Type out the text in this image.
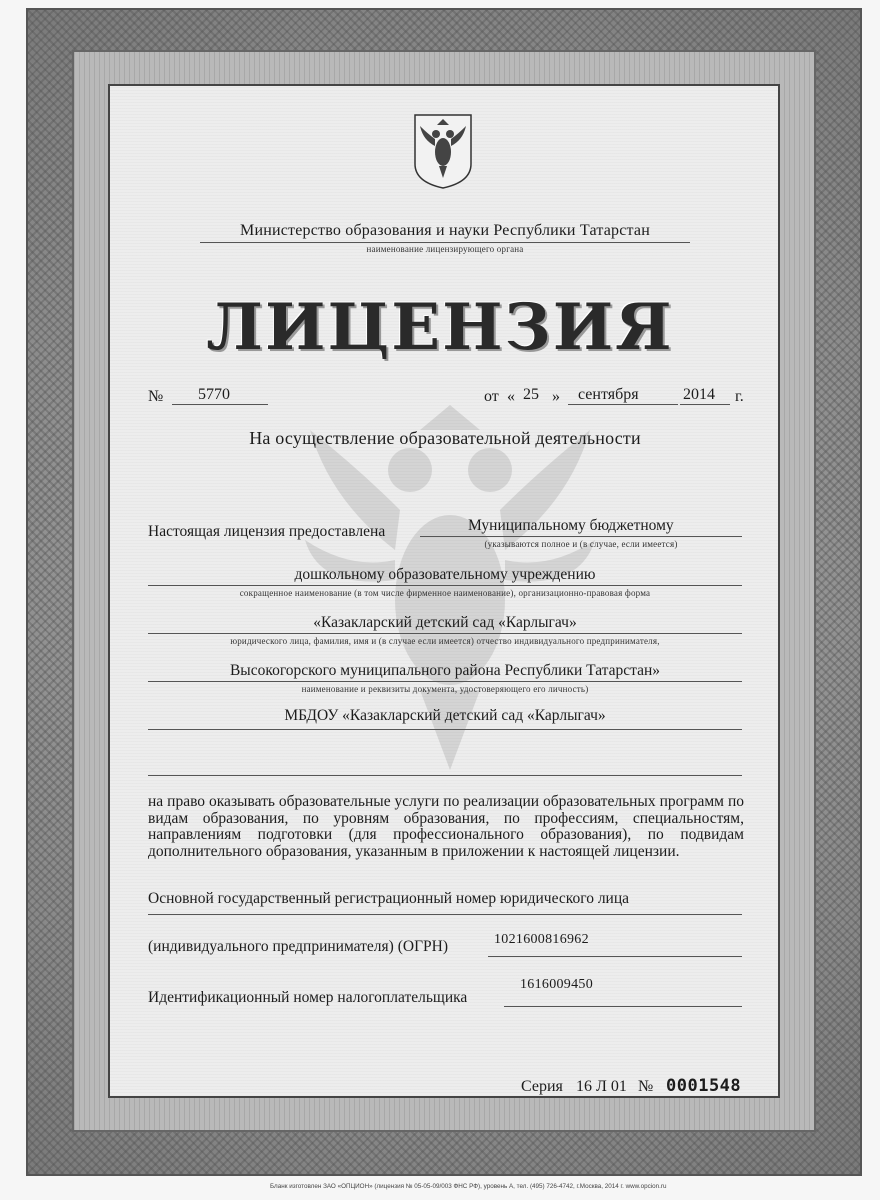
Министерство образования и науки Республики Татарстан
наименование лицензирующего органа
ЛИЦЕНЗИЯ
№ 5770	от « 25 » сентября	2014 г.
На осуществление образовательной деятельности
Настоящая лицензия предоставлена	Муниципальному бюджетному
(указываются полное и (в случае, если имеется)
дошкольному образовательному учреждению
сокращенное наименование (в том числе фирменное наименование), организационно-правовая форма
«Казакларский детский сад «Карлыгач»
юридического лица, фамилия, имя и (в случае если имеется) отчество индивидуального предпринимателя,
Высокогорского муниципального района Республики Татарстан»
наименование и реквизиты документа, удостоверяющего его личность)
МБДОУ «Казакларский детский сад «Карлыгач»
на право оказывать образовательные услуги по реализации образовательных программ по видам образования, по уровням образования, по профессиям, специальностям, направлениям подготовки (для профессионального образования), по подвидам дополнительного образования, указанным в приложении к настоящей лицензии.
Основной государственный регистрационный номер юридического лица
(индивидуального предпринимателя) (ОГРН)	1021600816962
Идентификационный номер налогоплательщика
1616009450
Серия 16 Л 01 № 0001548
Бланк изготовлен ЗАО «ОПЦИОН» (лицензия № 05-05-09/003 ФНС РФ), уровень А, тел. (495) 726-4742, г.Москва, 2014 г. www.opcion.ru
